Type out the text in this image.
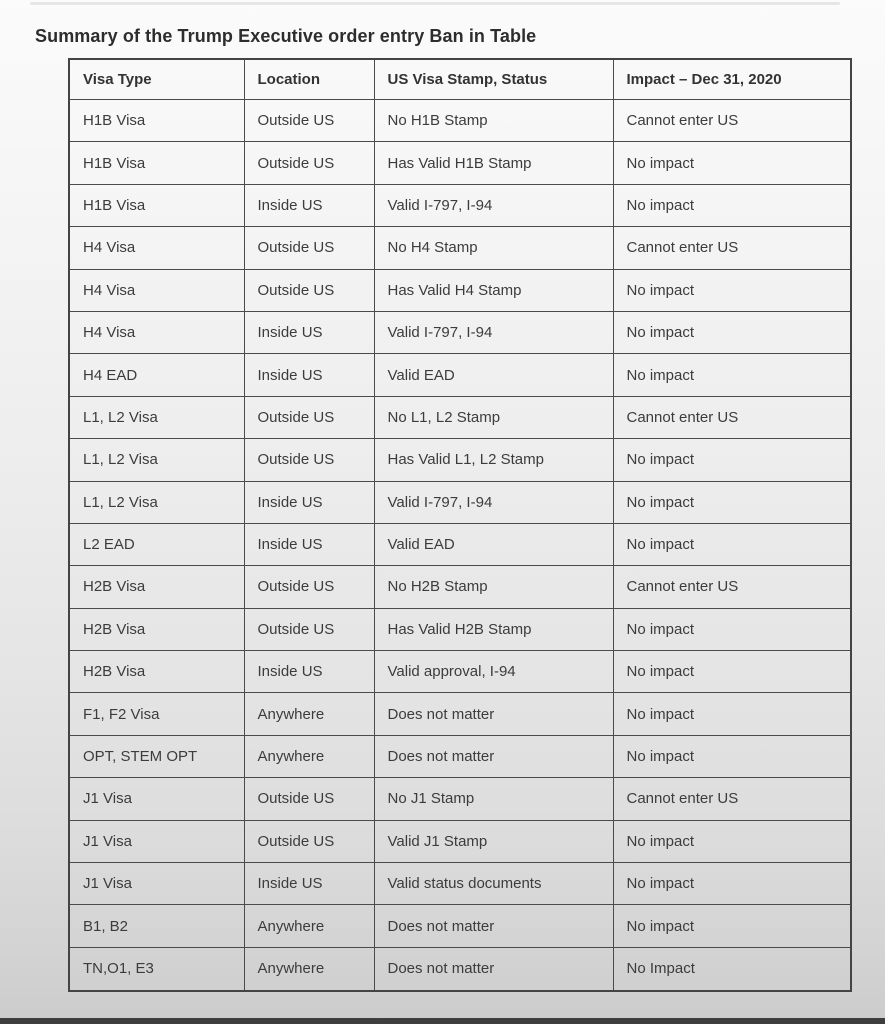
Summary of the Trump Executive order entry Ban in Table
Visa Type	Location	US Visa Stamp, Status	Impact – Dec 31, 2020
H1B Visa	Outside US	No H1B Stamp	Cannot enter US
H1B Visa	Outside US	Has Valid H1B Stamp	No impact
H1B Visa	Inside US	Valid I-797, I-94	No impact
H4 Visa	Outside US	No H4 Stamp	Cannot enter US
H4 Visa	Outside US	Has Valid H4 Stamp	No impact
H4 Visa	Inside US	Valid I-797, I-94	No impact
H4 EAD	Inside US	Valid EAD	No impact
L1, L2 Visa	Outside US	No L1, L2 Stamp	Cannot enter US
L1, L2 Visa	Outside US	Has Valid L1, L2 Stamp	No impact
L1, L2 Visa	Inside US	Valid I-797, I-94	No impact
L2 EAD	Inside US	Valid EAD	No impact
H2B Visa	Outside US	No H2B Stamp	Cannot enter US
H2B Visa	Outside US	Has Valid H2B Stamp	No impact
H2B Visa	Inside US	Valid approval, I-94	No impact
F1, F2 Visa	Anywhere	Does not matter	No impact
OPT, STEM OPT	Anywhere	Does not matter	No impact
J1 Visa	Outside US	No J1 Stamp	Cannot enter US
J1 Visa	Outside US	Valid J1 Stamp	No impact
J1 Visa	Inside US	Valid status documents	No impact
B1, B2	Anywhere	Does not matter	No impact
TN,O1, E3	Anywhere	Does not matter	No Impact
